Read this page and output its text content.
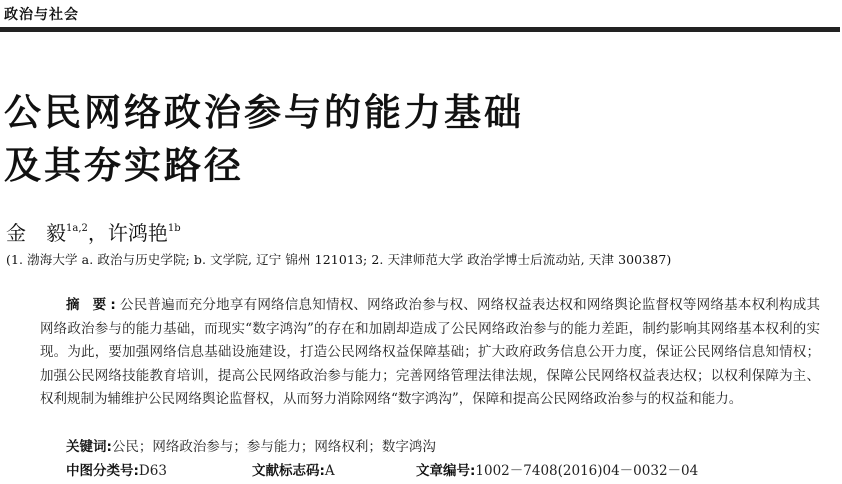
政治与社会
公民网络政治参与的能力基础
及其夯实路径
金　毅$^{1a,2}$，许鸿艳$^{1b}$
(1. 渤海大学 a. 政治与历史学院; b. 文学院, 辽宁 锦州 121013; 2. 天津师范大学 政治学博士后流动站, 天津 300387)

摘 要:公民普遍而充分地享有网络信息知情权、网络政治参与权、网络权益表达权和网络舆论监督权等网络基本权利构成其网络政治参与的能力基础，而现实“数字鸿沟”的存在和加剧却造成了公民网络政治参与的能力差距，制约影响其网络基本权利的实现。为此，要加强网络信息基础设施建设，打造公民网络权益保障基础；扩大政府政务信息公开力度，保证公民网络信息知情权；加强公民网络技能教育培训，提高公民网络政治参与能力；完善网络管理法律法规，保障公民网络权益表达权；以权利保障为主、权利规制为辅维护公民网络舆论监督权，从而努力消除网络“数字鸿沟”，保障和提高公民网络政治参与的权益和能力。

关键词:公民；网络政治参与；参与能力；网络权利；数字鸿沟
中图分类号:D63	文献标志码:A	文章编号:1002－7408(2016)04－0032－04
